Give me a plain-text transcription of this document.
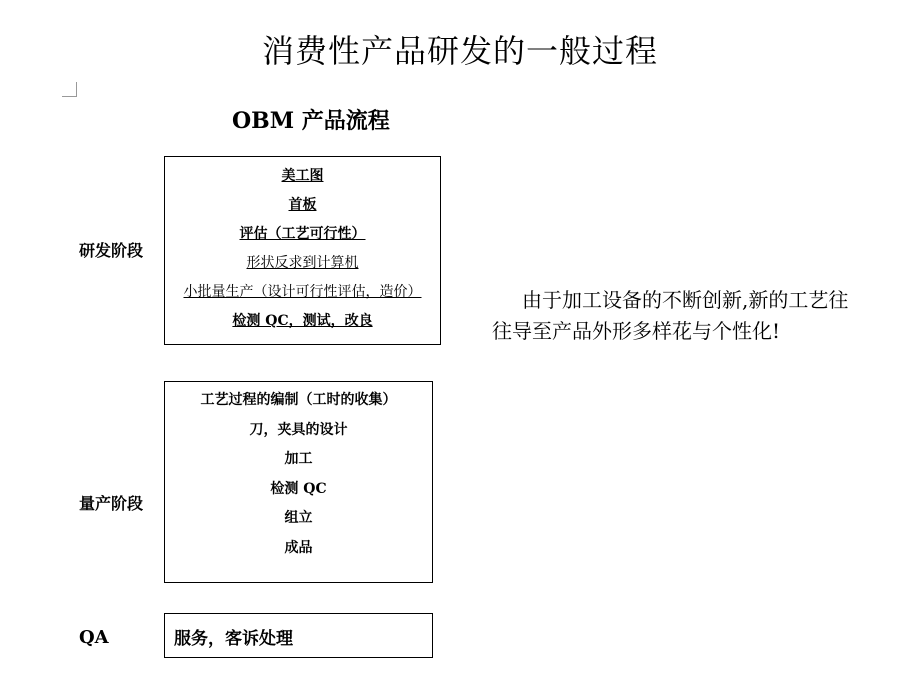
消费性产品研发的一般过程
OBM 产品流程
研发阶段
美工图
首板
评估（工艺可行性）
形状反求到计算机
小批量生产（设计可行性评估，造价）
检测 QC，测试，改良
量产阶段
工艺过程的编制（工时的收集）
刀，夹具的设计
加工
检测 QC
组立
成品
QA	服务，客诉处理
由于加工设备的不断创新,新的工艺往往导至产品外形多样花与个性化!
